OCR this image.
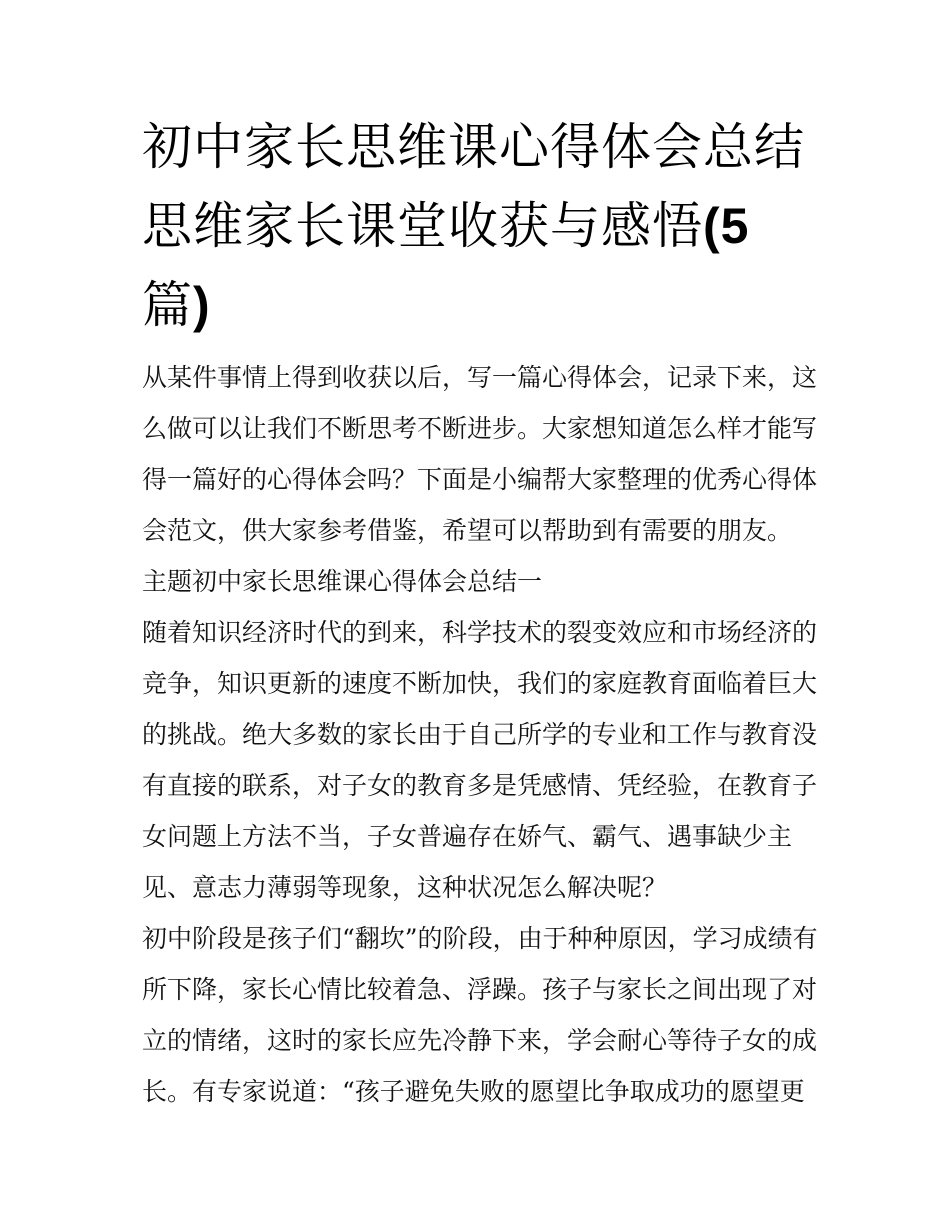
初中家长思维课心得体会总结
思维家长课堂收获与感悟(5
篇)
从某件事情上得到收获以后，写一篇心得体会，记录下来，这
么做可以让我们不断思考不断进步。大家想知道怎么样才能写
得一篇好的心得体会吗？下面是小编帮大家整理的优秀心得体
会范文，供大家参考借鉴，希望可以帮助到有需要的朋友。
主题初中家长思维课心得体会总结一
随着知识经济时代的到来，科学技术的裂变效应和市场经济的
竞争，知识更新的速度不断加快，我们的家庭教育面临着巨大
的挑战。绝大多数的家长由于自己所学的专业和工作与教育没
有直接的联系，对子女的教育多是凭感情、凭经验，在教育子
女问题上方法不当，子女普遍存在娇气、霸气、遇事缺少主
见、意志力薄弱等现象，这种状况怎么解决呢？
初中阶段是孩子们“翻坎”的阶段，由于种种原因，学习成绩有
所下降，家长心情比较着急、浮躁。孩子与家长之间出现了对
立的情绪，这时的家长应先冷静下来，学会耐心等待子女的成
长。有专家说道：“孩子避免失败的愿望比争取成功的愿望更
